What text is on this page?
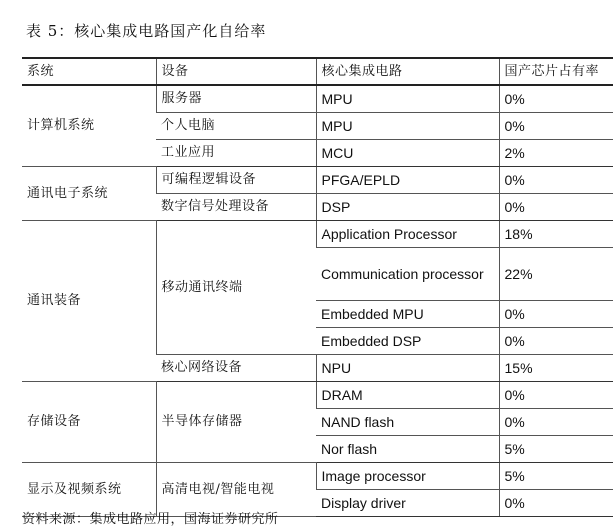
表 5：核心集成电路国产化自给率
系统	设备	核心集成电路	国产芯片占有率
计算机系统	服务器	MPU	0%
	个人电脑	MPU	0%
	工业应用	MCU	2%
通讯电子系统	可编程逻辑设备	PFGA/EPLD	0%
	数字信号处理设备	DSP	0%
通讯装备	移动通讯终端	Application Processor	18%
		Communication processor	22%
		Embedded MPU	0%
		Embedded DSP	0%
	核心网络设备	NPU	15%
存储设备	半导体存储器	DRAM	0%
		NAND flash	0%
		Nor flash	5%
显示及视频系统	高清电视/智能电视	Image processor	5%
		Display driver	0%
资料来源：集成电路应用，国海证券研究所
